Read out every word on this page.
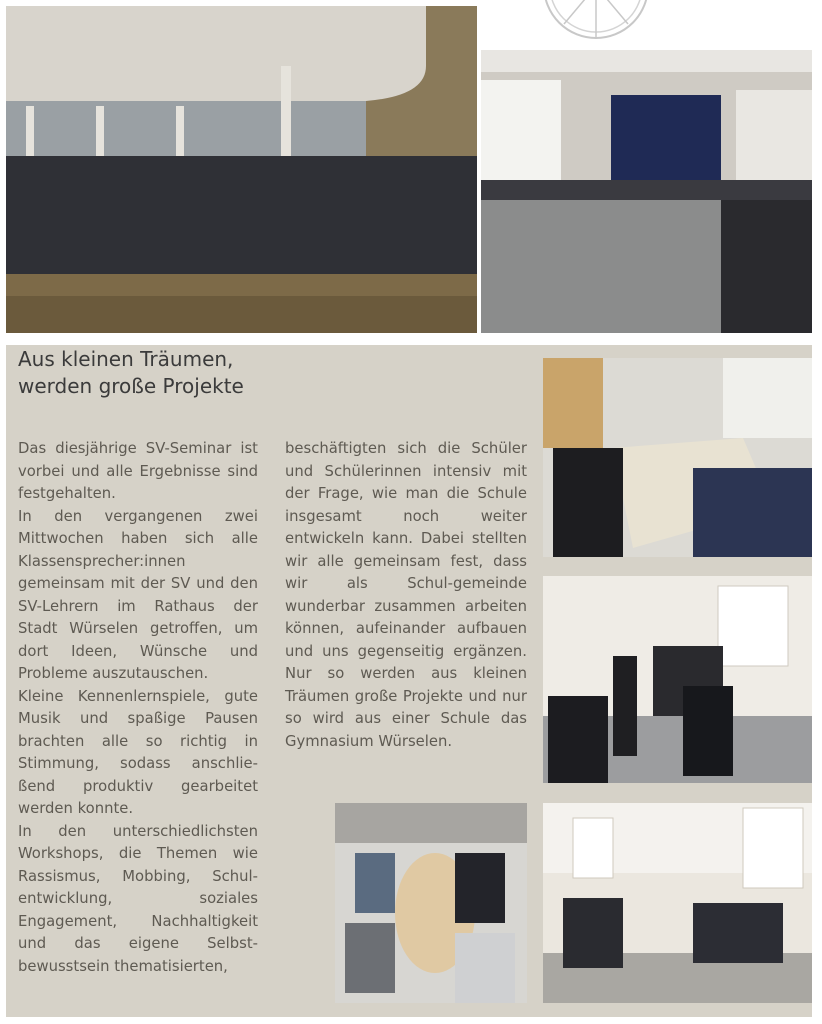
Aus kleinen Träumen,
werden große Projekte

Das diesjährige SV-Seminar ist vorbei und alle Ergebnisse sind festgehalten.

In den vergangenen zwei Mittwochen haben sich alle Klassensprecher:innen gemeinsam mit der SV und den SV-Lehrern im Rathaus der Stadt Würselen getroffen, um dort Ideen, Wünsche und Probleme auszutauschen.

Kleine Kennenlernspiele, gute Musik und spaßige Pausen brachten alle so richtig in Stimmung, sodass anschlie-ßend produktiv gearbeitet werden konnte.

In den unterschiedlichsten Workshops, die Themen wie Rassismus, Mobbing, Schul-entwicklung, soziales Engagement, Nachhaltigkeit und das eigene Selbst-bewusstsein thematisierten,

beschäftigten sich die Schüler und Schülerinnen intensiv mit der Frage, wie man die Schule insgesamt noch weiter entwickeln kann. Dabei stellten wir alle gemeinsam fest, dass wir als Schul-gemeinde wunderbar zusammen arbeiten können, aufeinander aufbauen und uns gegenseitig ergänzen. Nur so werden aus kleinen Träumen große Projekte und nur so wird aus einer Schule das Gymnasium Würselen.
